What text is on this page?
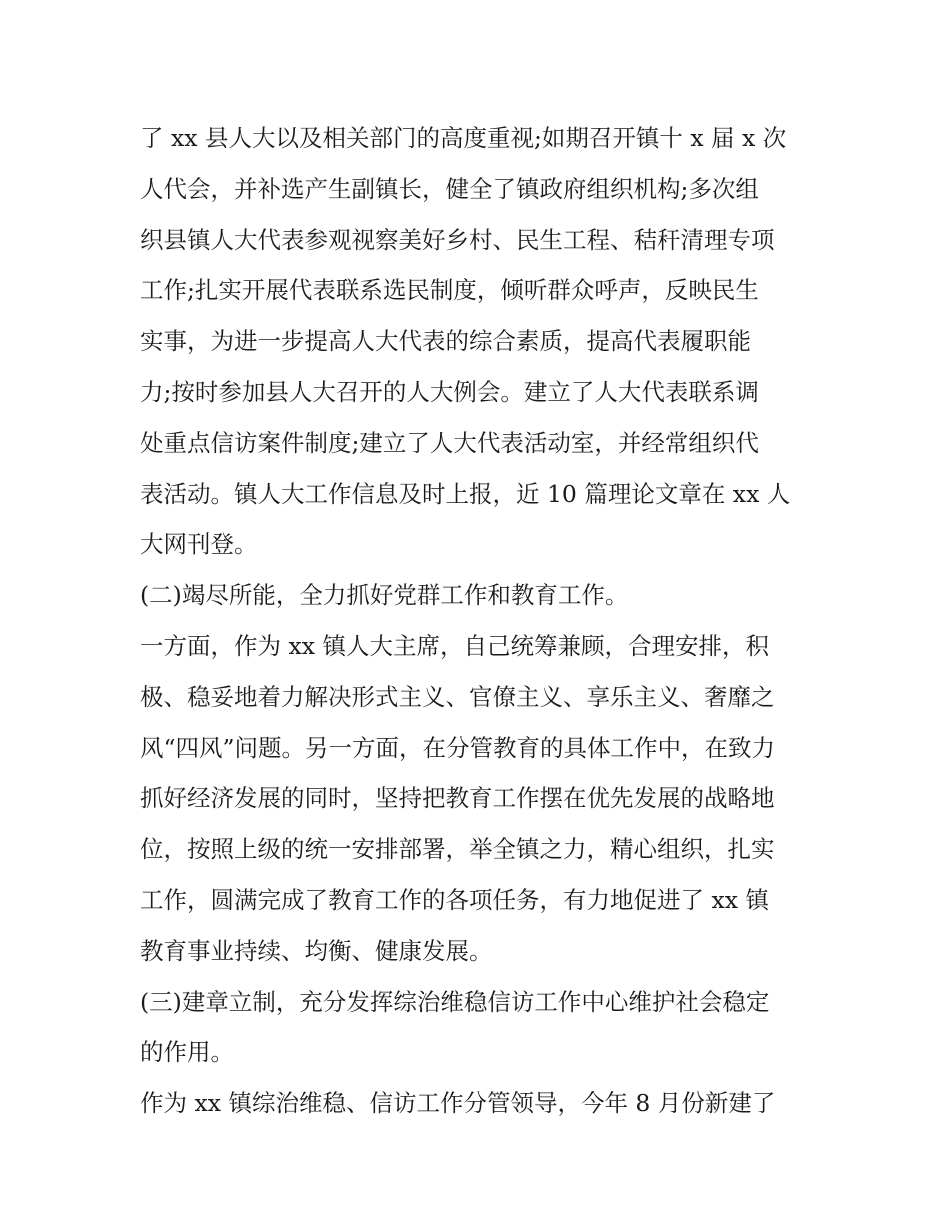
了 xx 县人大以及相关部门的高度重视;如期召开镇十 x 届 x 次
人代会，并补选产生副镇长，健全了镇政府组织机构;多次组
织县镇人大代表参观视察美好乡村、民生工程、秸秆清理专项
工作;扎实开展代表联系选民制度，倾听群众呼声，反映民生
实事，为进一步提高人大代表的综合素质，提高代表履职能
力;按时参加县人大召开的人大例会。建立了人大代表联系调
处重点信访案件制度;建立了人大代表活动室，并经常组织代
表活动。镇人大工作信息及时上报，近 10 篇理论文章在 xx 人
大网刊登。
(二)竭尽所能，全力抓好党群工作和教育工作。
一方面，作为 xx 镇人大主席，自己统筹兼顾，合理安排，积
极、稳妥地着力解决形式主义、官僚主义、享乐主义、奢靡之
风“四风”问题。另一方面，在分管教育的具体工作中，在致力
抓好经济发展的同时，坚持把教育工作摆在优先发展的战略地
位，按照上级的统一安排部署，举全镇之力，精心组织，扎实
工作，圆满完成了教育工作的各项任务，有力地促进了 xx 镇
教育事业持续、均衡、健康发展。
(三)建章立制，充分发挥综治维稳信访工作中心维护社会稳定
的作用。
作为 xx 镇综治维稳、信访工作分管领导，今年 8 月份新建了
